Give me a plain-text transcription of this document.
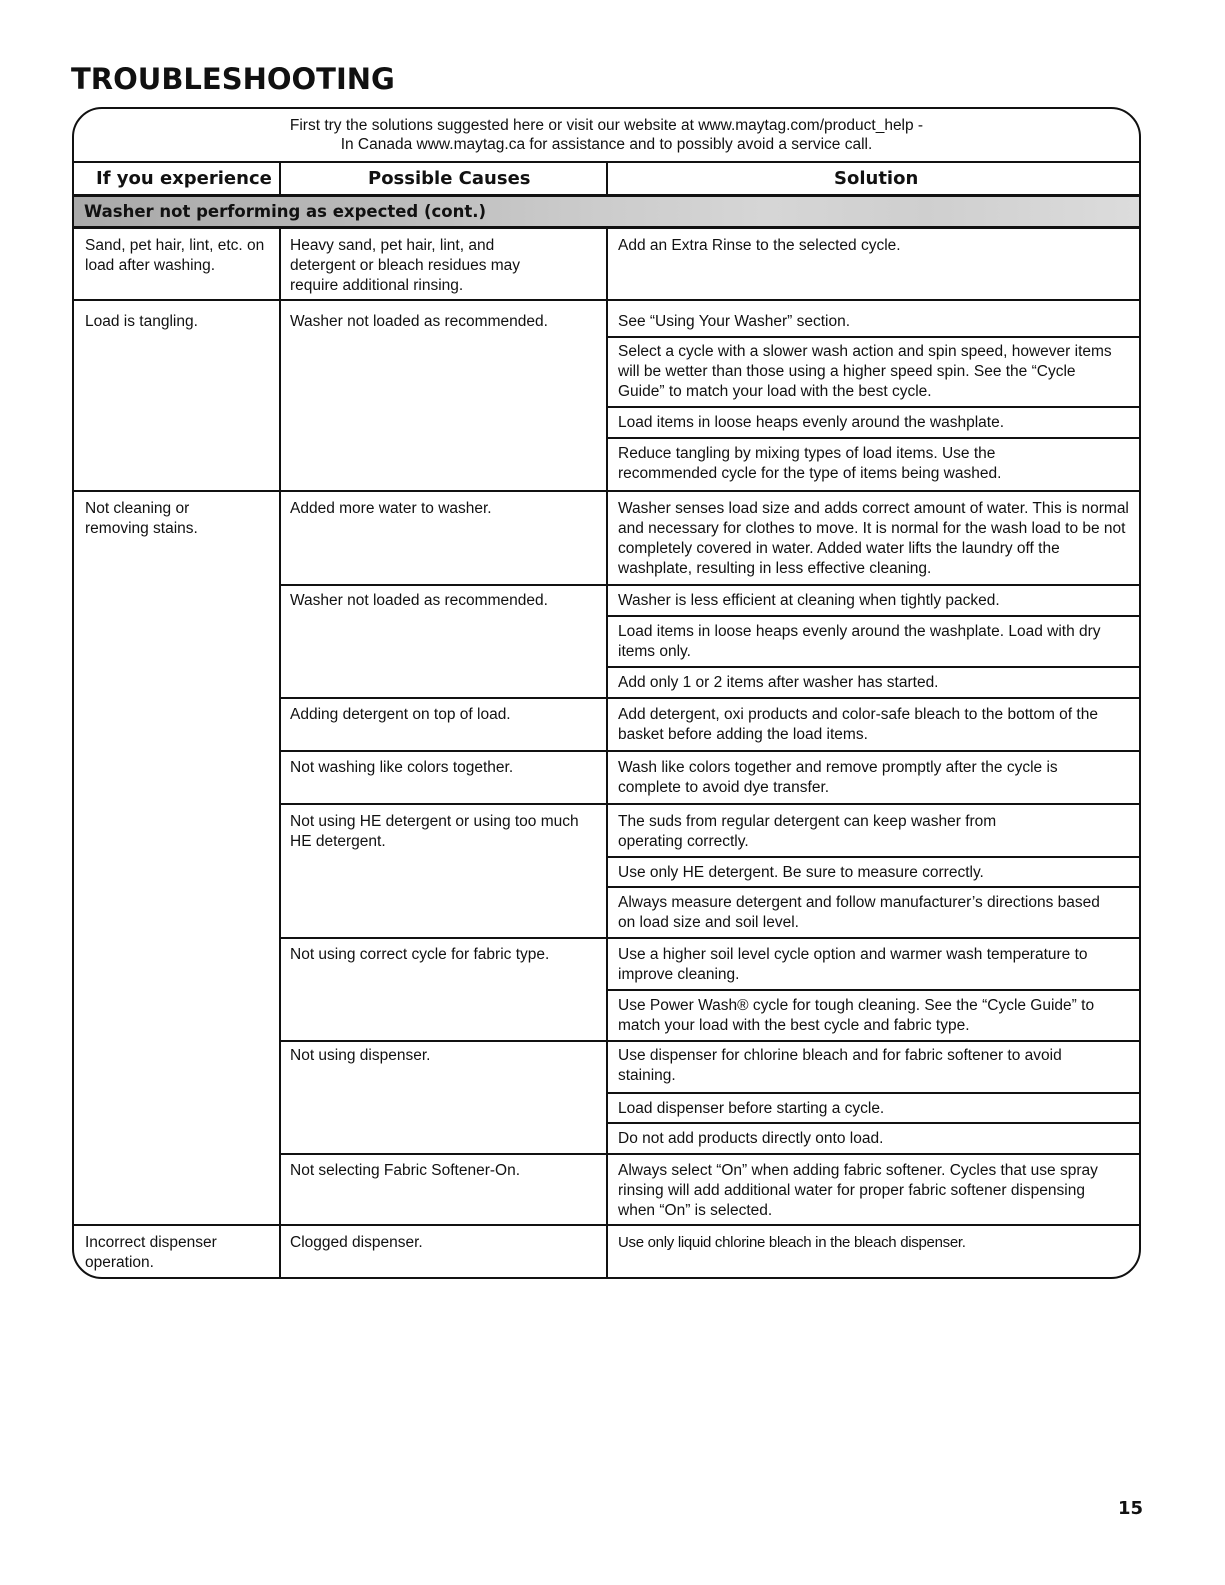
TROUBLESHOOTING
First try the solutions suggested here or visit our website at www.maytag.com/product_help -
In Canada www.maytag.ca for assistance and to possibly avoid a service call.
If you experience	Possible Causes	Solution
Washer not performing as expected (cont.)
Sand, pet hair, lint, etc. on load after washing.
Load is tangling.
Not cleaning or removing stains.
Incorrect dispenser operation.
Heavy sand, pet hair, lint, and detergent or bleach residues may require additional rinsing.
Washer not loaded as recommended.
Added more water to washer.
Washer not loaded as recommended.
Adding detergent on top of load.
Not washing like colors together.
Not using HE detergent or using too much HE detergent.
Not using correct cycle for fabric type.
Not using dispenser.
Not selecting Fabric Softener-On.
Clogged dispenser.
Add an Extra Rinse to the selected cycle.
See “Using Your Washer” section.
Select a cycle with a slower wash action and spin speed, however items will be wetter than those using a higher speed spin. See the “Cycle Guide” to match your load with the best cycle.
Load items in loose heaps evenly around the washplate.
Reduce tangling by mixing types of load items. Use the recommended cycle for the type of items being washed.
Washer senses load size and adds correct amount of water. This is normal and necessary for clothes to move. It is normal for the wash load to be not completely covered in water. Added water lifts the laundry off the washplate, resulting in less effective cleaning.
Washer is less efficient at cleaning when tightly packed.
Load items in loose heaps evenly around the washplate. Load with dry items only.
Add only 1 or 2 items after washer has started.
Add detergent, oxi products and color-safe bleach to the bottom of the basket before adding the load items.
Wash like colors together and remove promptly after the cycle is complete to avoid dye transfer.
The suds from regular detergent can keep washer from operating correctly.
Use only HE detergent. Be sure to measure correctly.
Always measure detergent and follow manufacturer’s directions based on load size and soil level.
Use a higher soil level cycle option and warmer wash temperature to improve cleaning.
Use Power Wash® cycle for tough cleaning. See the “Cycle Guide” to match your load with the best cycle and fabric type.
Use dispenser for chlorine bleach and for fabric softener to avoid staining.
Load dispenser before starting a cycle.
Do not add products directly onto load.
Always select “On” when adding fabric softener. Cycles that use spray rinsing will add additional water for proper fabric softener dispensing when “On” is selected.
Use only liquid chlorine bleach in the bleach dispenser.
15
